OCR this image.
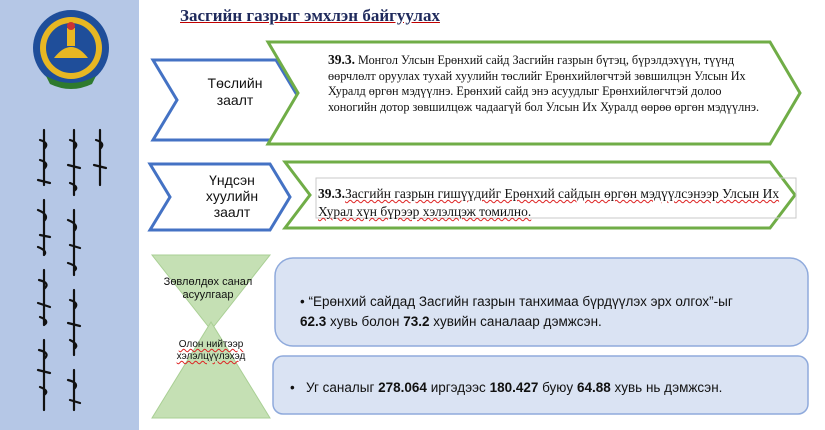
Засгийн газрыг эмхлэн байгуулах
Төслийн
заалт
Үндсэн
хуулийн
заалт
39.3. Монгол Улсын Ерөнхий сайд Засгийн газрын бүтэц, бүрэлдэхүүн, түүнд өөрчлөлт оруулах тухай хуулийн төслийг Ерөнхийлөгчтэй зөвшилцэн Улсын Их Хуралд өргөн мэдүүлнэ. Ерөнхий сайд энэ асуудлыг Ерөнхийлөгчтэй долоо хоногийн дотор зөвшилцөж чадаагүй бол Улсын Их Хуралд өөрөө өргөн мэдүүлнэ.
39.3.Засгийн газрын гишүүдийг Ерөнхий сайдын өргөн мэдүүлсэнээр Улсын Их Хурал хүн бүрээр хэлэлцэж томилно.
Зөвлөлдөх санал асуулгаар
Олон нийтээр хэлэлцүүлэхэд
• “Ерөнхий сайдад Засгийн газрын танхимаа бүрдүүлэх эрх олгох”-ыг
62.3 хувь болон 73.2 хувийн саналаар дэмжсэн.
• Уг саналыг 278.064 иргэдээс 180.427 буюу 64.88 хувь нь дэмжсэн.
